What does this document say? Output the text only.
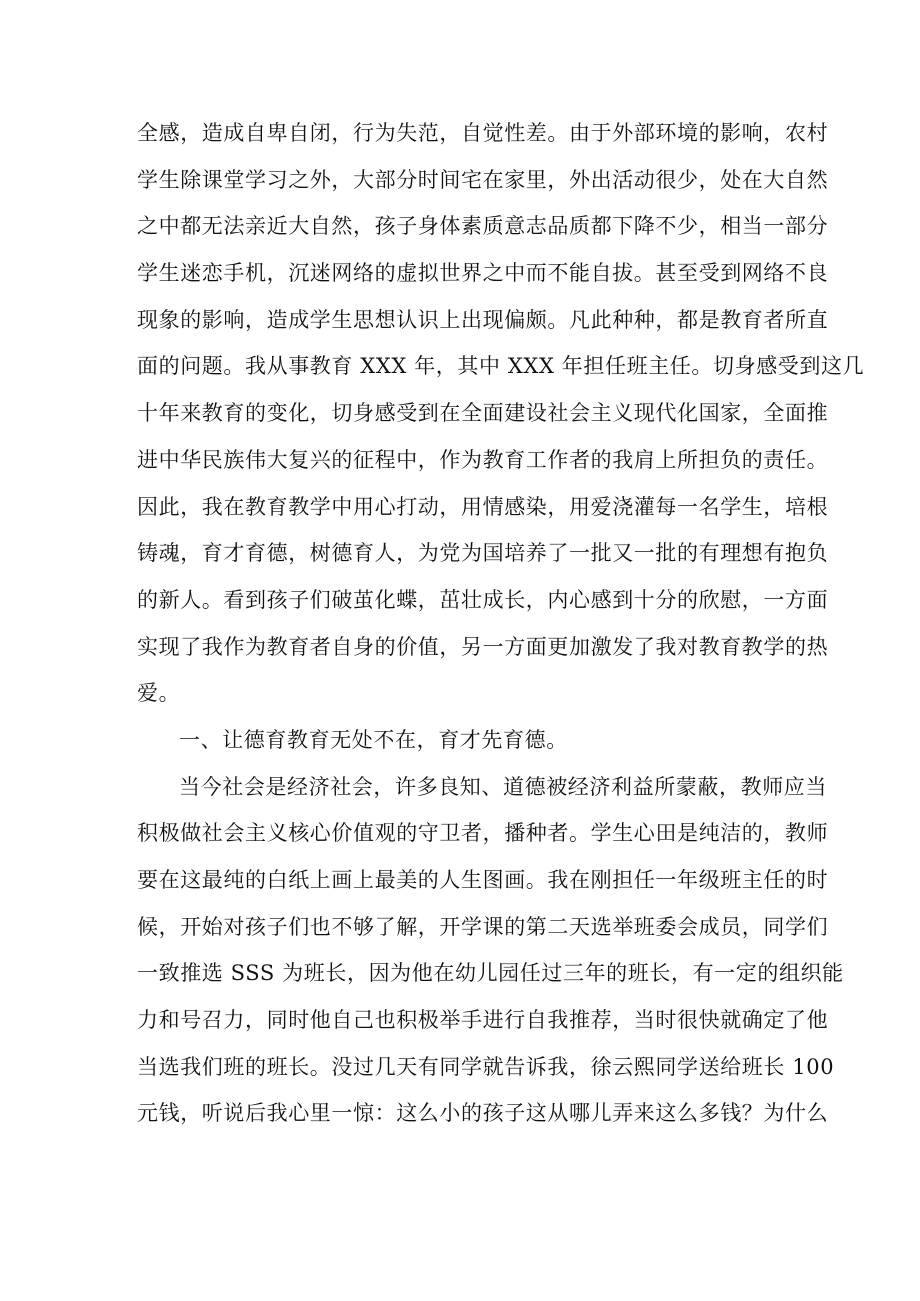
全感，造成自卑自闭，行为失范，自觉性差。由于外部环境的影响，农村
学生除课堂学习之外，大部分时间宅在家里，外出活动很少，处在大自然
之中都无法亲近大自然，孩子身体素质意志品质都下降不少，相当一部分
学生迷恋手机，沉迷网络的虚拟世界之中而不能自拔。甚至受到网络不良
现象的影响，造成学生思想认识上出现偏颇。凡此种种，都是教育者所直
面的问题。我从事教育 XXX 年，其中 XXX 年担任班主任。切身感受到这几
十年来教育的变化，切身感受到在全面建设社会主义现代化国家，全面推
进中华民族伟大复兴的征程中，作为教育工作者的我肩上所担负的责任。
因此，我在教育教学中用心打动，用情感染，用爱浇灌每一名学生，培根
铸魂，育才育德，树德育人，为党为国培养了一批又一批的有理想有抱负
的新人。看到孩子们破茧化蝶，茁壮成长，内心感到十分的欣慰，一方面
实现了我作为教育者自身的价值，另一方面更加激发了我对教育教学的热
爱。
一、让德育教育无处不在，育才先育德。
当今社会是经济社会，许多良知、道德被经济利益所蒙蔽，教师应当
积极做社会主义核心价值观的守卫者，播种者。学生心田是纯洁的，教师
要在这最纯的白纸上画上最美的人生图画。我在刚担任一年级班主任的时
候，开始对孩子们也不够了解，开学课的第二天选举班委会成员，同学们
一致推选 SSS 为班长，因为他在幼儿园任过三年的班长，有一定的组织能
力和号召力，同时他自己也积极举手进行自我推荐，当时很快就确定了他
当选我们班的班长。没过几天有同学就告诉我，徐云熙同学送给班长 100
元钱，听说后我心里一惊：这么小的孩子这从哪儿弄来这么多钱？为什么
